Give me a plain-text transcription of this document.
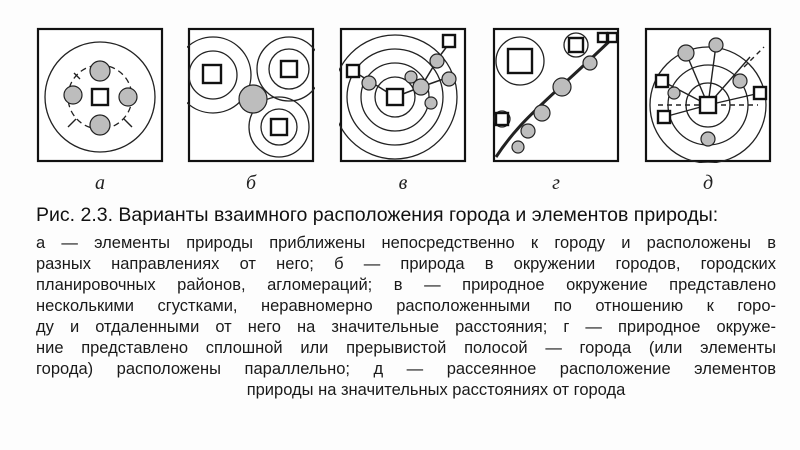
а	б	в	г	д
Рис. 2.3. Варианты взаимного расположения города и элементов природы:
а — элементы природы приближены непосредственно к городу и расположены в
разных направлениях от него; б — природа в окружении городов, городских
планировочных районов, агломераций; в — природное окружение представлено
несколькими сгустками, неравномерно расположенными по отношению к горо-
ду и отдаленными от него на значительные расстояния; г — природное окруже-
ние представлено сплошной или прерывистой полосой — города (или элементы
города) расположены параллельно; д — рассеянное расположение элементов
природы на значительных расстояниях от города
